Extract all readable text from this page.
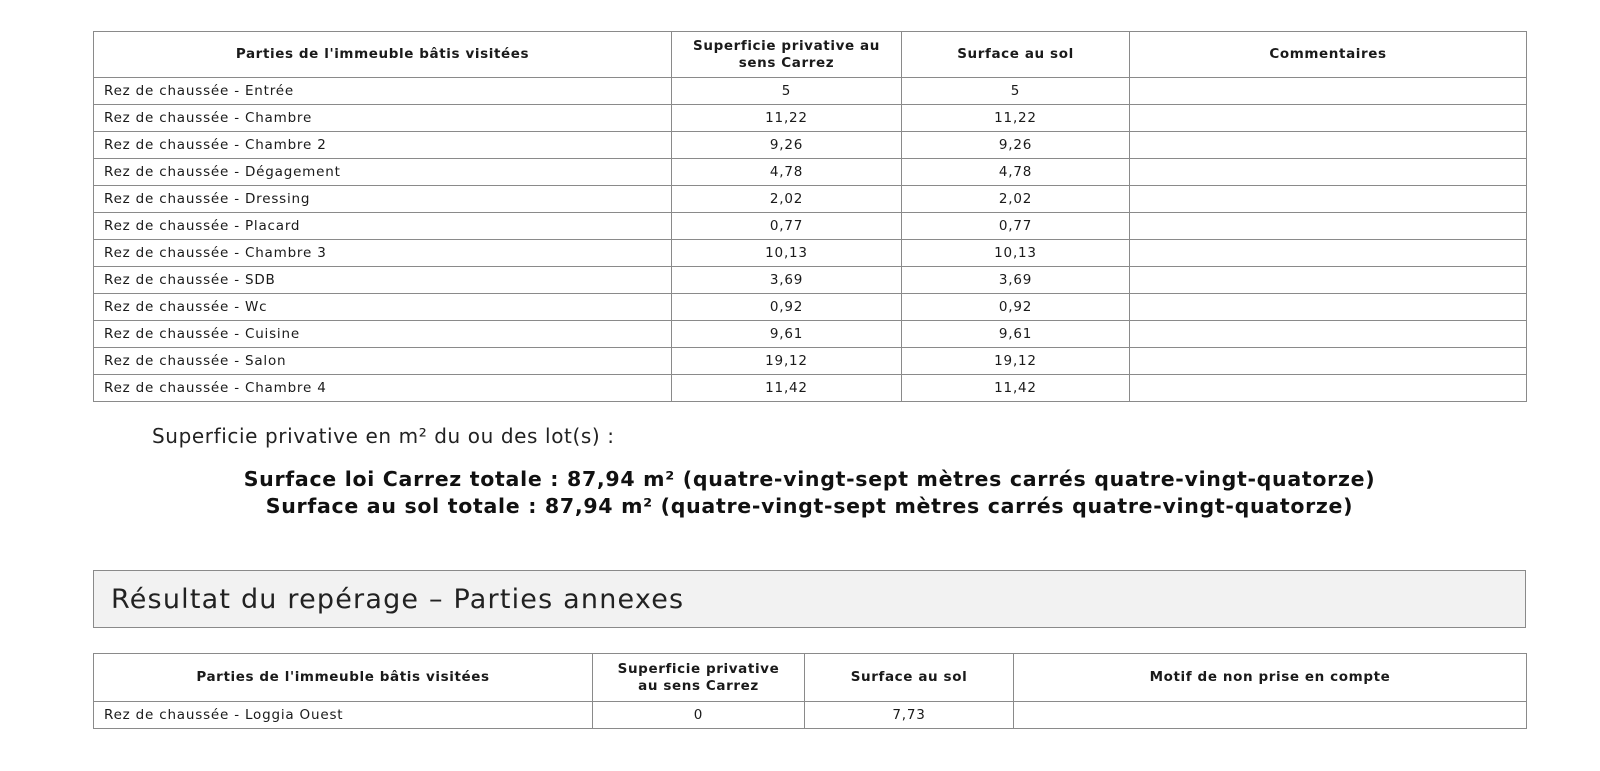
Parties de l'immeuble bâtis visitées	Superficie privative au
sens Carrez	Surface au sol	Commentaires
Rez de chaussée - Entrée	5	5	
Rez de chaussée - Chambre	11,22	11,22	
Rez de chaussée - Chambre 2	9,26	9,26	
Rez de chaussée - Dégagement	4,78	4,78	
Rez de chaussée - Dressing	2,02	2,02	
Rez de chaussée - Placard	0,77	0,77	
Rez de chaussée - Chambre 3	10,13	10,13	
Rez de chaussée - SDB	3,69	3,69	
Rez de chaussée - Wc	0,92	0,92	
Rez de chaussée - Cuisine	9,61	9,61	
Rez de chaussée - Salon	19,12	19,12	
Rez de chaussée - Chambre 4	11,42	11,42	
Superficie privative en m² du ou des lot(s) :
Surface loi Carrez totale : 87,94 m² (quatre-vingt-sept mètres carrés quatre-vingt-quatorze)
Surface au sol totale : 87,94 m² (quatre-vingt-sept mètres carrés quatre-vingt-quatorze)
Résultat du repérage – Parties annexes
Parties de l'immeuble bâtis visitées	Superficie privative
au sens Carrez	Surface au sol	Motif de non prise en compte
Rez de chaussée - Loggia Ouest	0	7,73	
